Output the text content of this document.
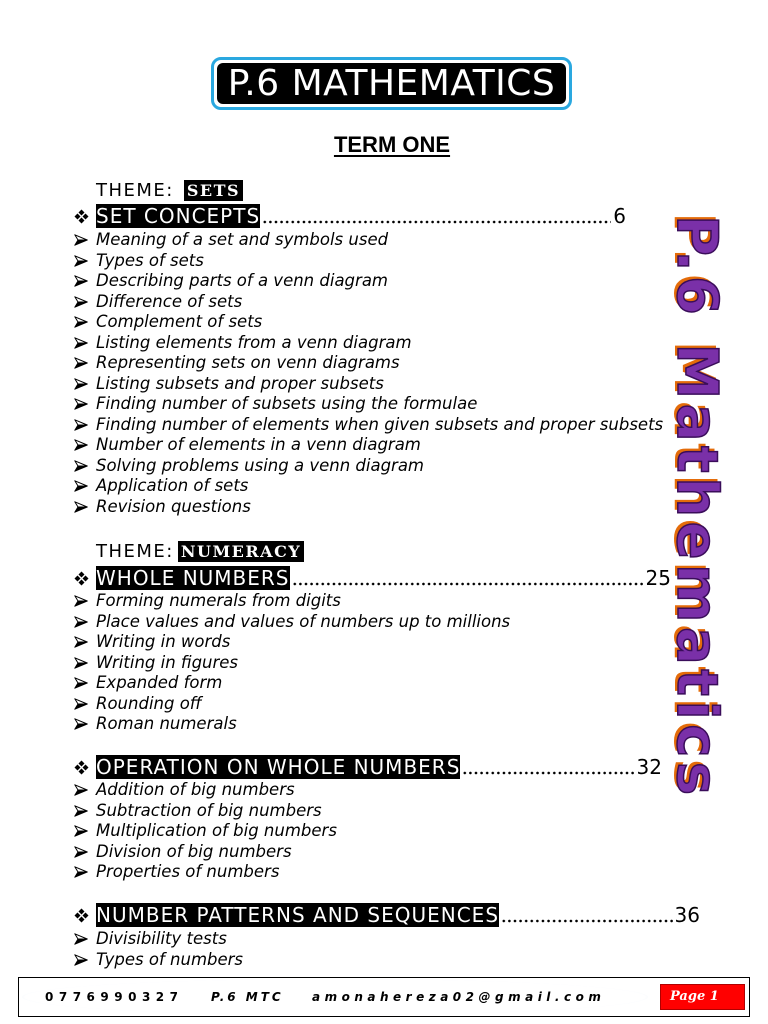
P.6 MATHEMATICS
TERM ONE
P.6 Mathematics
THEME: SETS
SET CONCEPTS	6
Meaning of a set and symbols used
Types of sets
Describing parts of a venn diagram
Difference of sets
Complement of sets
Listing elements from a venn diagram
Representing sets on venn diagrams
Listing subsets and proper subsets
Finding number of subsets using the formulae
Finding number of elements when given subsets and proper subsets
Number of elements in a venn diagram
Solving problems using a venn diagram
Application of sets
Revision questions
THEME: NUMERACY
WHOLE NUMBERS	25
Forming numerals from digits
Place values and values of numbers up to millions
Writing in words
Writing in figures
Expanded form
Rounding off
Roman numerals
OPERATION ON WHOLE NUMBERS	32
Addition of big numbers
Subtraction of big numbers
Multiplication of big numbers
Division of big numbers
Properties of numbers
NUMBER PATTERNS AND SEQUENCES	36
Divisibility tests
Types of numbers
0776990327 P.6 MTC amonahereza02@gmail.com	Page 1
